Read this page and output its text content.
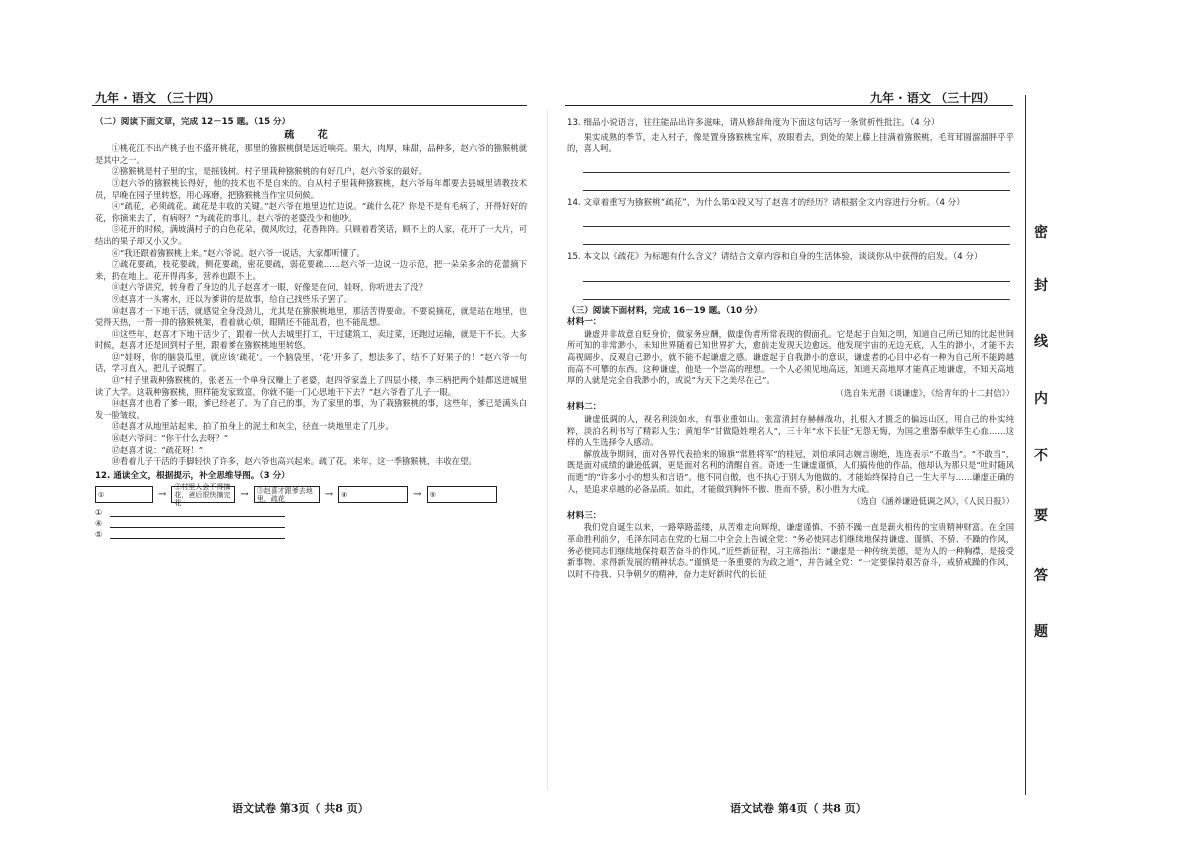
九年 · 语文 （三十四）	九年 · 语文 （三十四）
（二）阅读下面文章，完成 12－15 题。（15 分）
疏 花

①桃花江不出产桃子也不盛开桃花，那里的猕猴桃倒是远近响亮。果大，肉厚，味甜，品种多，赵六爷的猕猴桃就是其中之一。

②猕猴桃是村子里的宝，是摇钱树。村子里栽种猕猴桃的有好几户，赵六爷家的最好。

③赵六爷的猕猴桃长得好，他的技术也不是自来的。自从村子里栽种猕猴桃，赵六爷每年都要去县城里请教技术员，早晚在园子里转悠，用心琢磨，把猕猴桃当作宝贝伺候。

④“疏花，必须疏花。疏花是丰收的关键。”赵六爷在地里边忙边说。“疏什么花？你是不是有毛病了，开得好好的花，你摘来去了，有病呀？”为疏花的事儿，赵六爷的老婆没少和他吵。

⑤花开的时候，满坡满村子的白色花朵，微风吹过，花香阵阵。只顾着看笑话，顾不上的人家，花开了一大片，可结出的果子却又小又少。

⑥“我还跟着猕猴桃上来。”赵六爷说。赵六爷一说话，大家都听懂了。

⑦疏花要疏，枝花要疏，侧花要疏，密花要疏，弱花要疏……赵六爷一边说一边示范，把一朵朵多余的花蕾摘下来，扔在地上。花开得再多，营养也跟不上。

⑧赵六爷讲究，转身看了身边的儿子赵喜才一眼，好像是在问，娃呀，你听进去了没？

⑨赵喜才一头雾水，还以为爹讲的是故事，给自己找些乐子罢了。

⑩赵喜才一下地干活，就感觉全身没劲儿，尤其是在猕猴桃地里，那活苦得要命。不要说摘花，就是站在地里，也觉得天热，一帮一排的猕猴桃架，看着就心烦，眼睛还不能乱看，也不能乱想。

⑪这些年，赵喜才下地干活少了，跟着一伙人去城里打工，干过建筑工，卖过菜，还跑过运输，就是干不长。大多时候，赵喜才还是回到村子里，跟着爹在猕猴桃地里转悠。

⑫“娃呀，你的脑袋瓜里，就应该‘疏花’。一个脑袋里，‘花’开多了，想法多了，结不了好果子的！”赵六爷一句话，学习直入，把儿子说醒了。

⑬“村子里栽种猕猴桃的，张老五一个单身汉赚上了老婆，赵四爷家盖上了四层小楼，李三柄把两个娃都送进城里读了大学。这栽种猕猴桃，照样能发家致富，你就不能一门心思地干下去？”赵六爷看了儿子一眼。

⑭赵喜才也看了爹一眼，爹已经老了。为了自己的事，为了家里的事，为了栽猕猴桃的事，这些年，爹已是满头白发一脸皱纹。

⑮赵喜才从地里站起来，拍了拍身上的泥土和灰尘，径直一块地里走了几步。

⑯赵六爷问：“你干什么去呀？”

⑰赵喜才说：“疏花呀！”

⑱看着儿子干活的手脚轻快了许多，赵六爷也高兴起来。疏了花，来年，这一季猕猴桃，丰收在望。

12. 通读全文，根据提示，补全思维导图。（3 分）
①	→
②村里人会不得摘花，爸后很快摘完花
→ ③赵喜才跟爹去地里，疏花	→ ④	→ ⑤
①
④
⑤
语文试卷 第3页（ 共8 页）
13. 细品小说语言，往往能品出许多滋味，请从修辞角度为下面这句话写一条赏析性批注。（4 分）

果实成熟的季节，走入村子，像是置身猕猴桃宝库，放眼看去，到处的架上藤上挂满着猕猴桃，毛茸茸圆溜溜胖乎乎的，喜人呵。

14. 文章着重写为猕猴桃“疏花”，为什么第①段又写了赵喜才的经历？请根据全文内容进行分析。（4 分）
15. 本文以《疏花》为标题有什么含义？请结合文章内容和自身的生活体验，谈谈你从中获得的启发。（4 分）
（三）阅读下面材料，完成 16－19 题。（10 分）
材料一：

谦虚并非故意自贬身价，做家务应酬，做虚伪者所常表现的假面孔。它是起于自知之明，知道自己所已知的比起世间所可知的非常渺小，未知世界随着已知世界扩大，愈前走发现天边愈远。他发现宇宙的无边无底，人生的渺小，才能不去高视阔步，反观自己渺小，就不能不起谦虚之感。谦虚起于自我渺小的意识，谦虚者的心目中必有一种为自己所不能跨越而高不可攀的东西。这种谦虚，他是一个崇高的理想。一个人必须见地高远，知道天高地厚才能真正地谦虚，不知天高地厚的人就是完全自我渺小的，或说“为天下之美尽在己”。

（选自朱光潜《谈谦虚》，《给青年的十二封信》）
材料二：

谦虚低调的人，视名利淡如水，有事业重如山。张富清封存赫赫战功，扎根入才匮乏的偏远山区，用自己的朴实纯粹，淡泊名利书写了精彩人生；黄旭华“甘做隐姓埋名人”，三十年“水下长征”无怨无悔，为国之重器奉献毕生心血……这样的人生选择令人感动。

解放战争期间，面对各界代表拾来的锦旗“常胜将军”的桂冠，刘伯承同志婉言谢绝，连连表示“不敢当”。“不敢当”，既是面对成绩的谦逊低调，更是面对名利的清醒自省。奇迹一生谦虚谨慎，人们搞传他的作品，他却认为那只是“吐时随风而逝”的“许多小小的想头和言语”。他不同自傲，也不执心于别人为他做的，才能始终保持自己一生大平与……谦虚正确的人，是追求卓越的必备品质。如此，才能做到胸怀不傲、胜而不骄，积小胜为大成。

（选自《涵养谦逊低调之风》，《人民日报》）
材料三：

我们党自诞生以来，一路筚路蓝缕，从苦难走向辉煌，谦虚谨慎、不骄不躁一直是薪火相传的宝贵精神财富。在全国革命胜利前夕，毛泽东同志在党的七届二中全会上告诫全党：“务必使同志们继续地保持谦虚、谨慎、不骄、不躁的作风，务必使同志们继续地保持艰苦奋斗的作风。”近些新征程，习主席指出：“谦虚是一种传统美德，是为人的一种胸襟，是接受新事物、求得新发展的精神状态。”谨慎是一条重要的为政之道”，并告诫全党：“一定要保持艰苦奋斗，戒骄戒躁的作风，以时不待我、只争朝夕的精神，奋力走好新时代的长征

语文试卷 第4页（ 共8 页）
密
封
线
内
不
要
答
题
